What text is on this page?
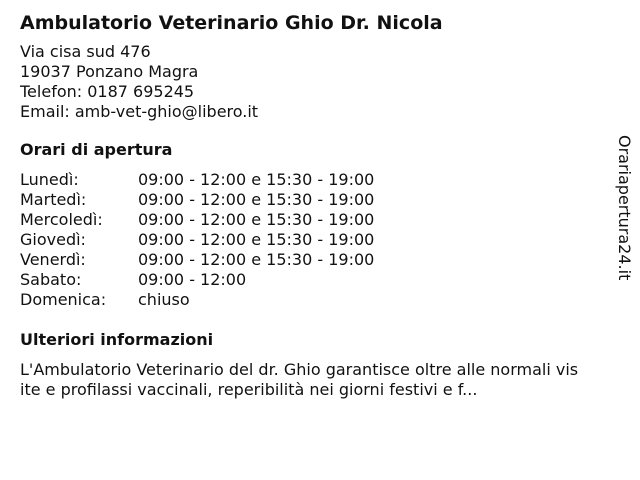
Ambulatorio Veterinario Ghio Dr. Nicola
Via cisa sud 476
19037 Ponzano Magra
Telefon: 0187 695245
Email: amb-vet-ghio@libero.it
Orari di apertura
Lunedì:	09:00 - 12:00 e 15:30 - 19:00
Martedì:	09:00 - 12:00 e 15:30 - 19:00
Mercoledì:	09:00 - 12:00 e 15:30 - 19:00
Giovedì:	09:00 - 12:00 e 15:30 - 19:00
Venerdì:	09:00 - 12:00 e 15:30 - 19:00
Sabato:	09:00 - 12:00
Domenica:	chiuso
Ulteriori informazioni
L'Ambulatorio Veterinario del dr. Ghio garantisce oltre alle normali visite e profilassi vaccinali, reperibilità nei giorni festivi e f...
Orariaperturа24.it
